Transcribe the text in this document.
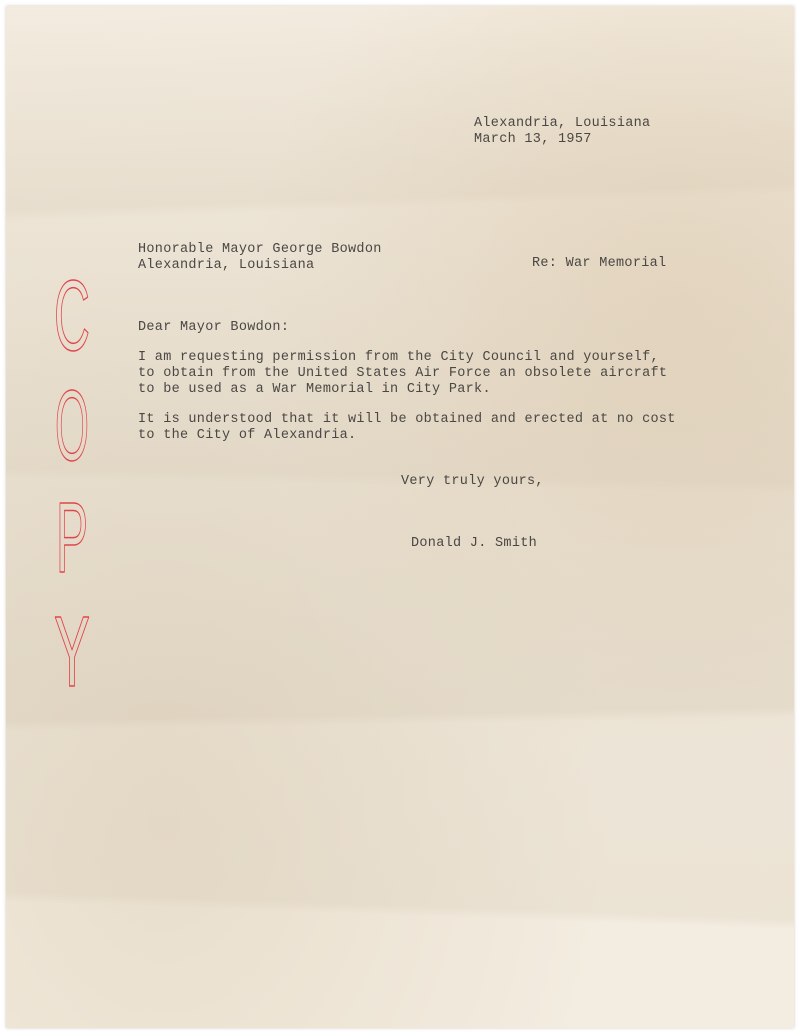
Alexandria, Louisiana
March 13, 1957
Honorable Mayor George Bowdon
Alexandria, Louisiana	Re: War Memorial
Dear Mayor Bowdon:
I am requesting permission from the City Council and yourself,
to obtain from the United States Air Force an obsolete aircraft
to be used as a War Memorial in City Park.
It is understood that it will be obtained and erected at no cost
to the City of Alexandria.
Very truly yours,
Donald J. Smith
C
O
P
Y
